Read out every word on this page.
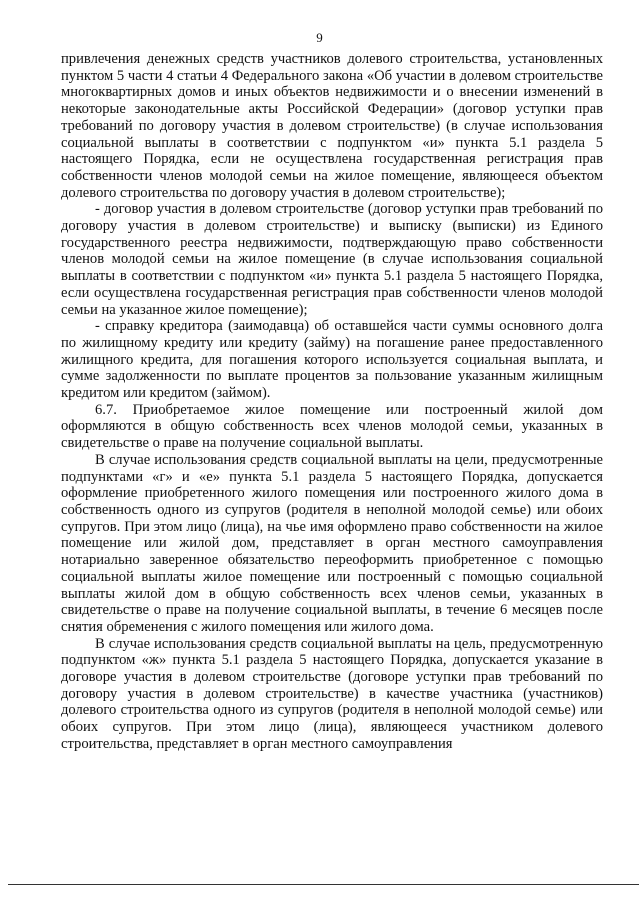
9

привлечения денежных средств участников долевого строительства, установленных пунктом 5 части 4 статьи 4 Федерального закона «Об участии в долевом строительстве многоквартирных домов и иных объектов недвижимости и о внесении изменений в некоторые законодательные акты Российской Федерации» (договор уступки прав требований по договору участия в долевом строительстве) (в случае использования социальной выплаты в соответствии с подпунктом «и» пункта 5.1 раздела 5 настоящего Порядка, если не осуществлена государственная регистрация прав собственности членов молодой семьи на жилое помещение, являющееся объектом долевого строительства по договору участия в долевом строительстве);

- договор участия в долевом строительстве (договор уступки прав требований по договору участия в долевом строительстве) и выписку (выписки) из Единого государственного реестра недвижимости, подтверждающую право собственности членов молодой семьи на жилое помещение (в случае использования социальной выплаты в соответствии с подпунктом «и» пункта 5.1 раздела 5 настоящего Порядка, если осуществлена государственная регистрация прав собственности членов молодой семьи на указанное жилое помещение);

- справку кредитора (заимодавца) об оставшейся части суммы основного долга по жилищному кредиту или кредиту (займу) на погашение ранее предоставленного жилищного кредита, для погашения которого используется социальная выплата, и сумме задолженности по выплате процентов за пользование указанным жилищным кредитом или кредитом (займом).

6.7. Приобретаемое жилое помещение или построенный жилой дом оформляются в общую собственность всех членов молодой семьи, указанных в свидетельстве о праве на получение социальной выплаты.

В случае использования средств социальной выплаты на цели, предусмотренные подпунктами «г» и «е» пункта 5.1 раздела 5 настоящего Порядка, допускается оформление приобретенного жилого помещения или построенного жилого дома в собственность одного из супругов (родителя в неполной молодой семье) или обоих супругов. При этом лицо (лица), на чье имя оформлено право собственности на жилое помещение или жилой дом, представляет в орган местного самоуправления нотариально заверенное обязательство переоформить приобретенное с помощью социальной выплаты жилое помещение или построенный с помощью социальной выплаты жилой дом в общую собственность всех членов семьи, указанных в свидетельстве о праве на получение социальной выплаты, в течение 6 месяцев после снятия обременения с жилого помещения или жилого дома.

В случае использования средств социальной выплаты на цель, предусмотренную подпунктом «ж» пункта 5.1 раздела 5 настоящего Порядка, допускается указание в договоре участия в долевом строительстве (договоре уступки прав требований по договору участия в долевом строительстве) в качестве участника (участников) долевого строительства одного из супругов (родителя в неполной молодой семье) или обоих супругов. При этом лицо (лица), являющееся участником долевого строительства, представляет в орган местного самоуправления
